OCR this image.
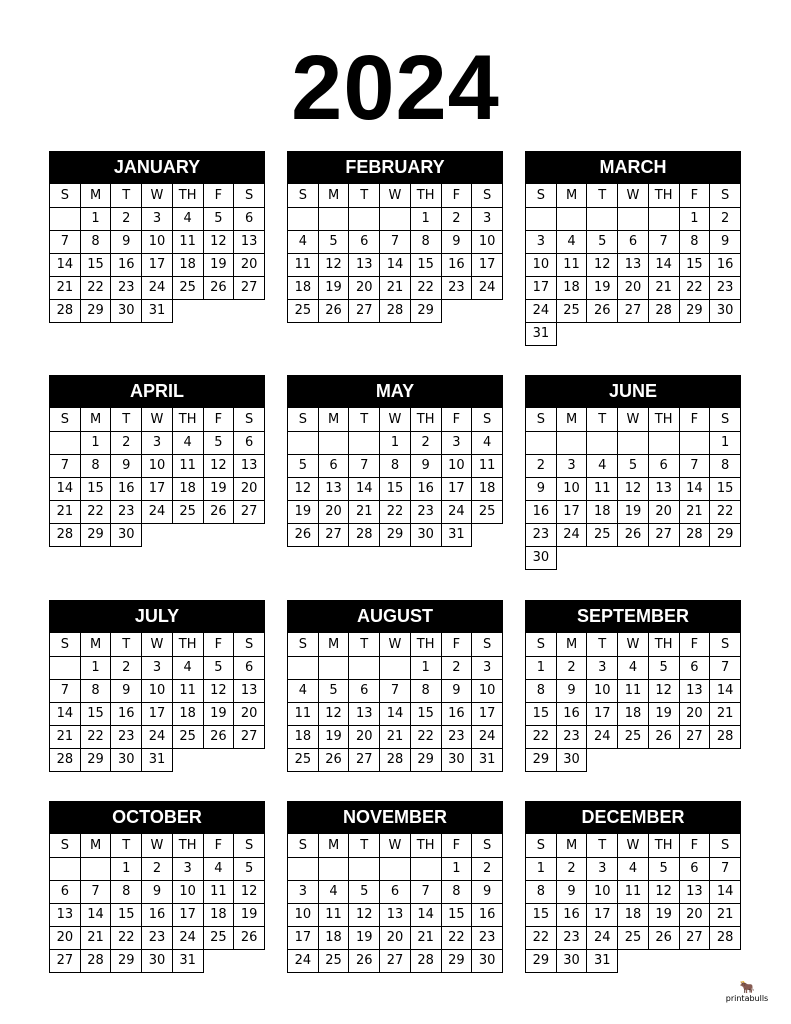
2024
JANUARY
S	M	T	W	TH	F	S
	1	2	3	4	5	6
7	8	9	10	11	12	13
14	15	16	17	18	19	20
21	22	23	24	25	26	27
28	29	30	31			
FEBRUARY
S	M	T	W	TH	F	S
				1	2	3
4	5	6	7	8	9	10
11	12	13	14	15	16	17
18	19	20	21	22	23	24
25	26	27	28	29		
MARCH
S	M	T	W	TH	F	S
					1	2
3	4	5	6	7	8	9
10	11	12	13	14	15	16
17	18	19	20	21	22	23
24	25	26	27	28	29	30
31						
APRIL
S	M	T	W	TH	F	S
	1	2	3	4	5	6
7	8	9	10	11	12	13
14	15	16	17	18	19	20
21	22	23	24	25	26	27
28	29	30				
MAY
S	M	T	W	TH	F	S
			1	2	3	4
5	6	7	8	9	10	11
12	13	14	15	16	17	18
19	20	21	22	23	24	25
26	27	28	29	30	31	
JUNE
S	M	T	W	TH	F	S
						1
2	3	4	5	6	7	8
9	10	11	12	13	14	15
16	17	18	19	20	21	22
23	24	25	26	27	28	29
30						
JULY
S	M	T	W	TH	F	S
	1	2	3	4	5	6
7	8	9	10	11	12	13
14	15	16	17	18	19	20
21	22	23	24	25	26	27
28	29	30	31			
AUGUST
S	M	T	W	TH	F	S
				1	2	3
4	5	6	7	8	9	10
11	12	13	14	15	16	17
18	19	20	21	22	23	24
25	26	27	28	29	30	31
SEPTEMBER
S	M	T	W	TH	F	S
1	2	3	4	5	6	7
8	9	10	11	12	13	14
15	16	17	18	19	20	21
22	23	24	25	26	27	28
29	30					
OCTOBER
S	M	T	W	TH	F	S
		1	2	3	4	5
6	7	8	9	10	11	12
13	14	15	16	17	18	19
20	21	22	23	24	25	26
27	28	29	30	31		
NOVEMBER
S	M	T	W	TH	F	S
					1	2
3	4	5	6	7	8	9
10	11	12	13	14	15	16
17	18	19	20	21	22	23
24	25	26	27	28	29	30
DECEMBER
S	M	T	W	TH	F	S
1	2	3	4	5	6	7
8	9	10	11	12	13	14
15	16	17	18	19	20	21
22	23	24	25	26	27	28
29	30	31				
🐂
printabulls
